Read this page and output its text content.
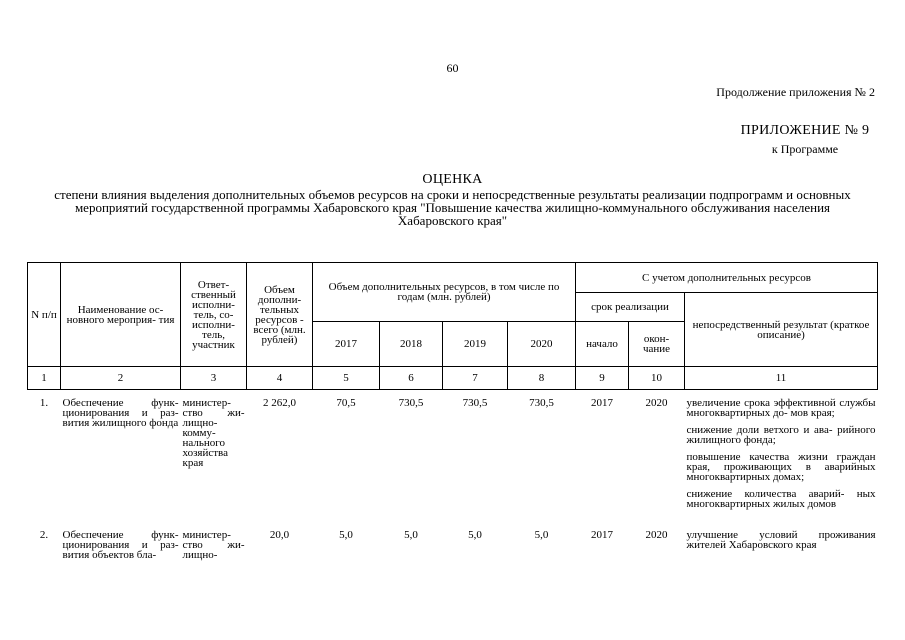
60
Продолжение приложения № 2
ПРИЛОЖЕНИЕ № 9
к Программе
ОЦЕНКА
степени влияния выделения дополнительных объемов ресурсов на сроки и непосредственные результаты реализации подпрограмм и основных мероприятий государственной программы Хабаровского края "Повышение качества жилищно-коммунального обслуживания населения Хабаровского края"
N п/п	Наименование ос- новного мероприя- тия	Ответ- ственный исполни- тель, со- исполни- тель, участник	Объем дополни- тельных ресурсов - всего (млн. рублей)	Объем дополнительных ресурсов, в том числе по годам (млн. рублей)				С учетом дополнительных ресурсов		
								срок реализации		непосредственный результат (краткое описание)
				2017	2018	2019	2020	начало	окон- чание	
1	2	3	4	5	6	7	8	9	10	11
1.	Обеспечение функ- ционирования и раз- вития жилищного фонда	министер- ство жи- лищно- комму- нального хозяйства края	2 262,0	70,5	730,5	730,5	730,5	2017	2020	увеличение срока эффективной службы многоквартирных до- мов края;
снижение доли ветхого и ава- рийного жилищного фонда;
повышение качества жизни граждан края, проживающих в аварийных многоквартирных домах;
снижение количества аварий- ных многоквартирных жилых домов

2.	Обеспечение функ- ционирования и раз- вития объектов бла-	министер- ство жи- лищно-	20,0	5,0	5,0	5,0	5,0	2017	2020	улучшение условий проживания жителей Хабаровского края
